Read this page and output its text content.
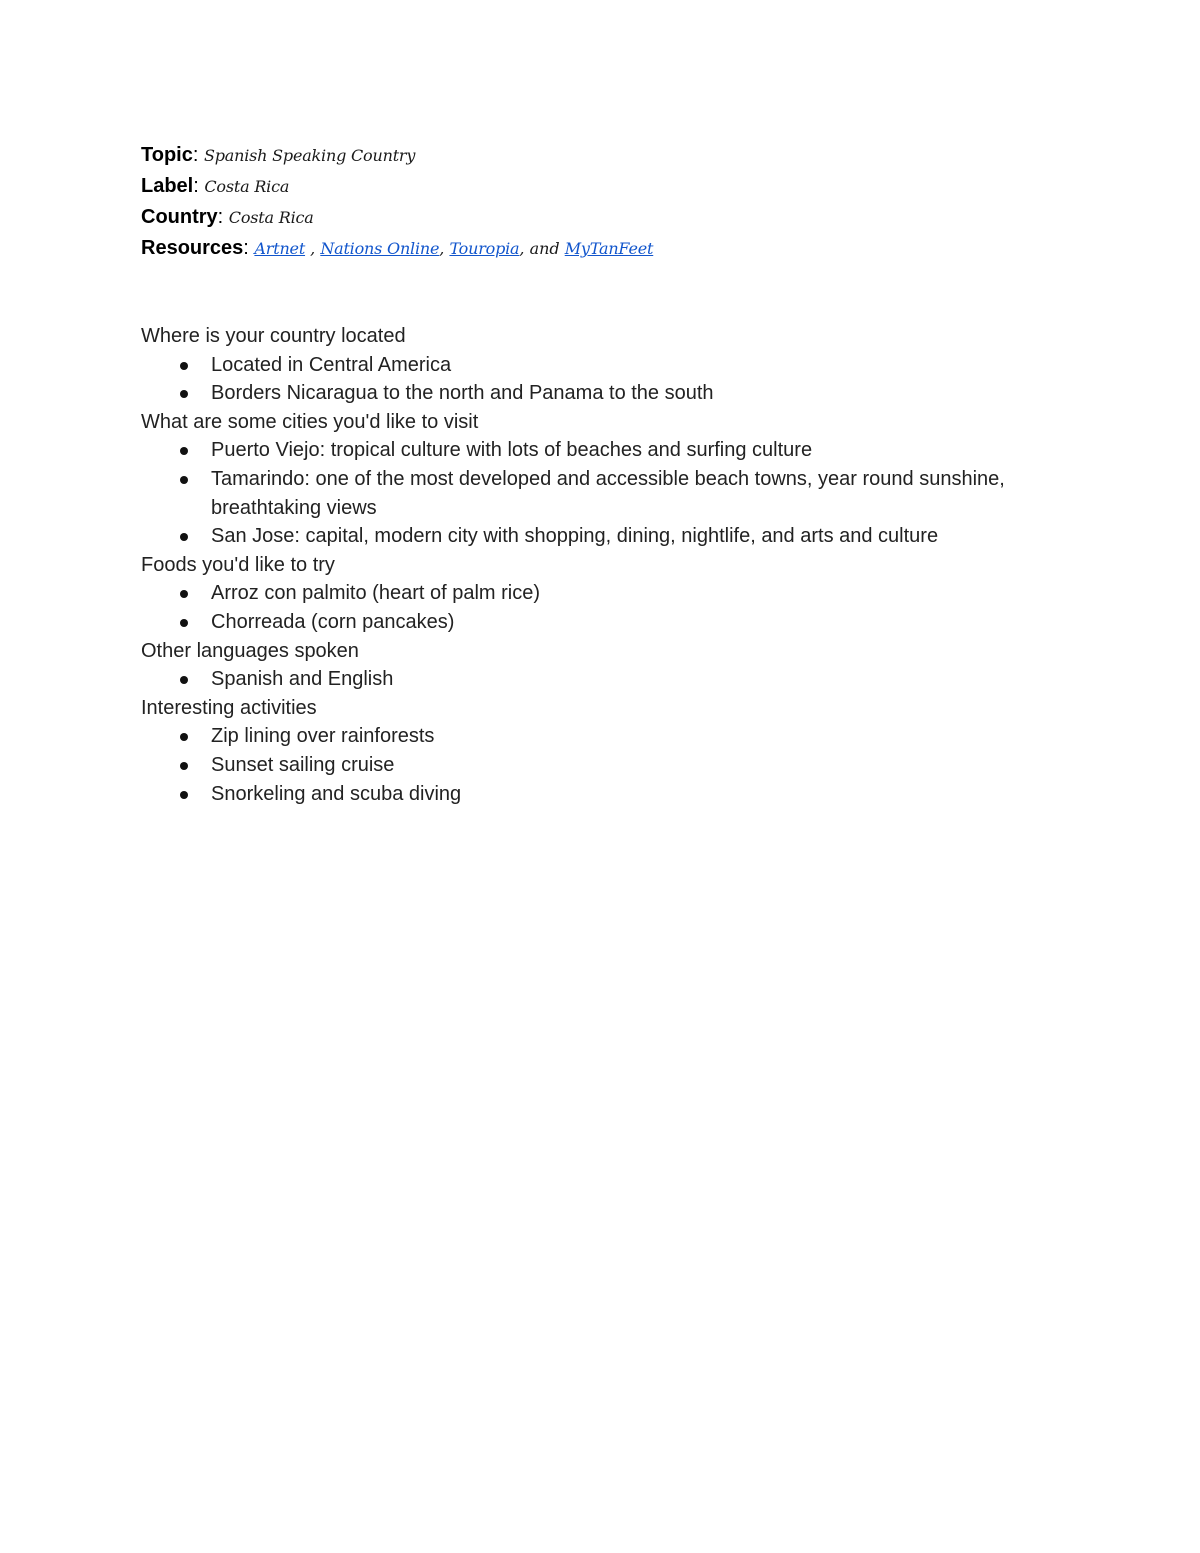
Topic: Spanish Speaking Country
Label: Costa Rica
Country: Costa Rica
Resources: Artnet , Nations Online, Touropia, and MyTanFeet

Where is your country located

Located in Central America
Borders Nicaragua to the north and Panama to the south

What are some cities you'd like to visit

Puerto Viejo: tropical culture with lots of beaches and surfing culture
Tamarindo: one of the most developed and accessible beach towns, year round sunshine, breathtaking views
San Jose: capital, modern city with shopping, dining, nightlife, and arts and culture

Foods you'd like to try

Arroz con palmito (heart of palm rice)
Chorreada (corn pancakes)

Other languages spoken

Spanish and English

Interesting activities

Zip lining over rainforests
Sunset sailing cruise
Snorkeling and scuba diving
